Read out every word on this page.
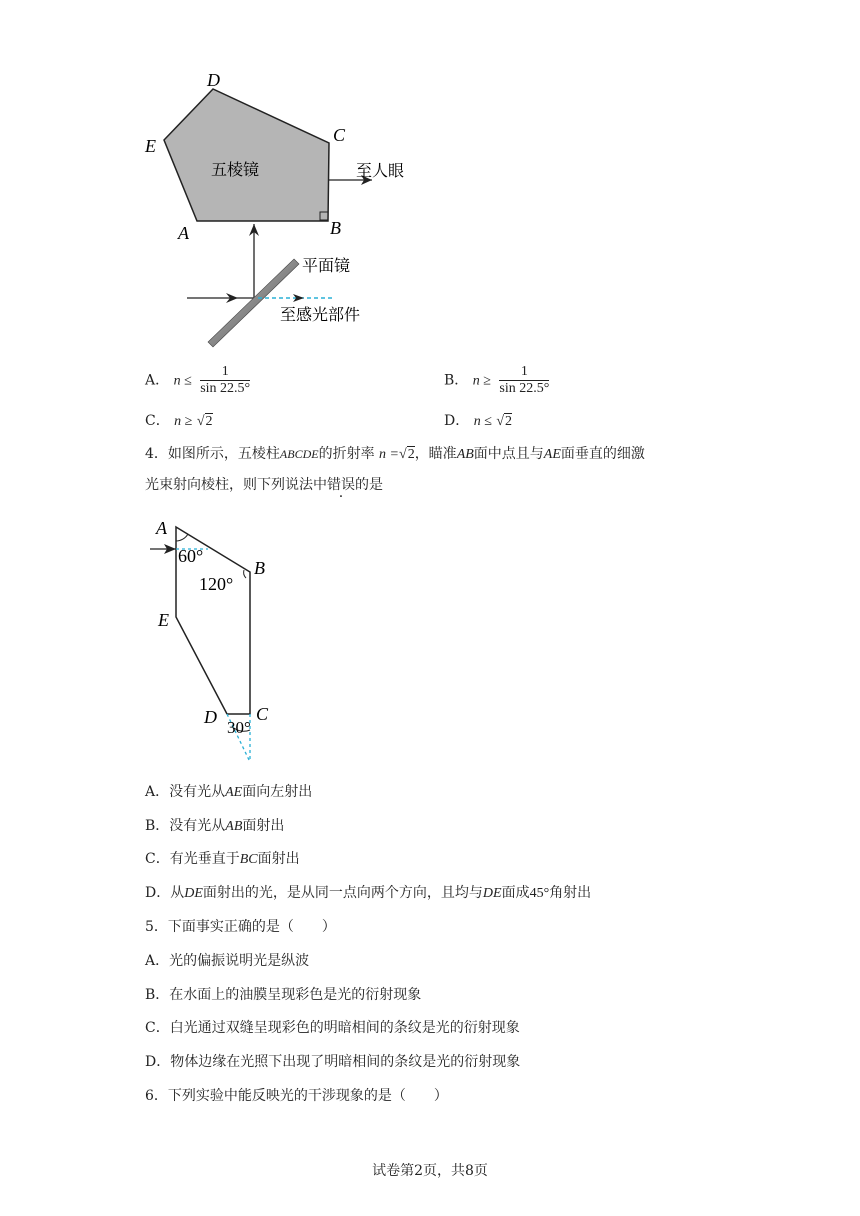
D
E
C
A	B
五棱镜	至人眼
平面镜
至感光部件
A． $n \le \frac{1}{\sin 22.5^\circ}$	B． $n \ge \frac{1}{\sin 22.5^\circ}$
C． n ≥ √2	D． n ≤ √2
4．如图所示，五棱柱ABCDE的折射率 n =√2，瞄准AB面中点且与AE面垂直的细激
光束射向棱柱，则下列说法中错误的是
A
B
E
D C
60°
120°
30°
A．没有光从AE面向左射出
B．没有光从AB面射出
C．有光垂直于BC面射出
D．从DE面射出的光，是从同一点向两个方向，且均与DE面成45°角射出
5．下面事实正确的是（　　）
A．光的偏振说明光是纵波
B．在水面上的油膜呈现彩色是光的衍射现象
C．白光通过双缝呈现彩色的明暗相间的条纹是光的衍射现象
D．物体边缘在光照下出现了明暗相间的条纹是光的衍射现象
6．下列实验中能反映光的干涉现象的是（　　）
试卷第2页，共8页
